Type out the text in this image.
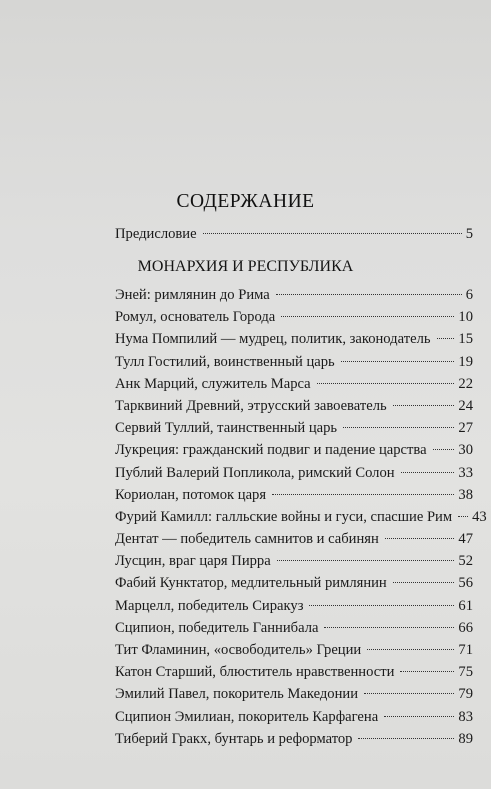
СОДЕРЖАНИЕ
Предисловие	5
МОНАРХИЯ И РЕСПУБЛИКА
Эней: римлянин до Рима	6
Ромул, основатель Города	10
Нума Помпилий — мудрец, политик, законодатель 15
Тулл Гостилий, воинственный царь	19
Анк Марций, служитель Марса	22
Тарквиний Древний, этрусский завоеватель	24
Сервий Туллий, таинственный царь	27
Лукреция: гражданский подвиг и падение царства 30
Публий Валерий Попликола, римский Солон	33
Кориолан, потомок царя	38
Фурий Камилл: галльские войны и гуси, спасшие Рим 43
Дентат — победитель самнитов и сабинян	47
Лусцин, враг царя Пирра	52
Фабий Кунктатор, медлительный римлянин	56
Марцелл, победитель Сиракуз	61
Сципион, победитель Ганнибала	66
Тит Фламинин, «освободитель» Греции	71
Катон Старший, блюститель нравственности	75
Эмилий Павел, покоритель Македонии	79
Сципион Эмилиан, покоритель Карфагена	83
Тиберий Гракх, бунтарь и реформатор	89
